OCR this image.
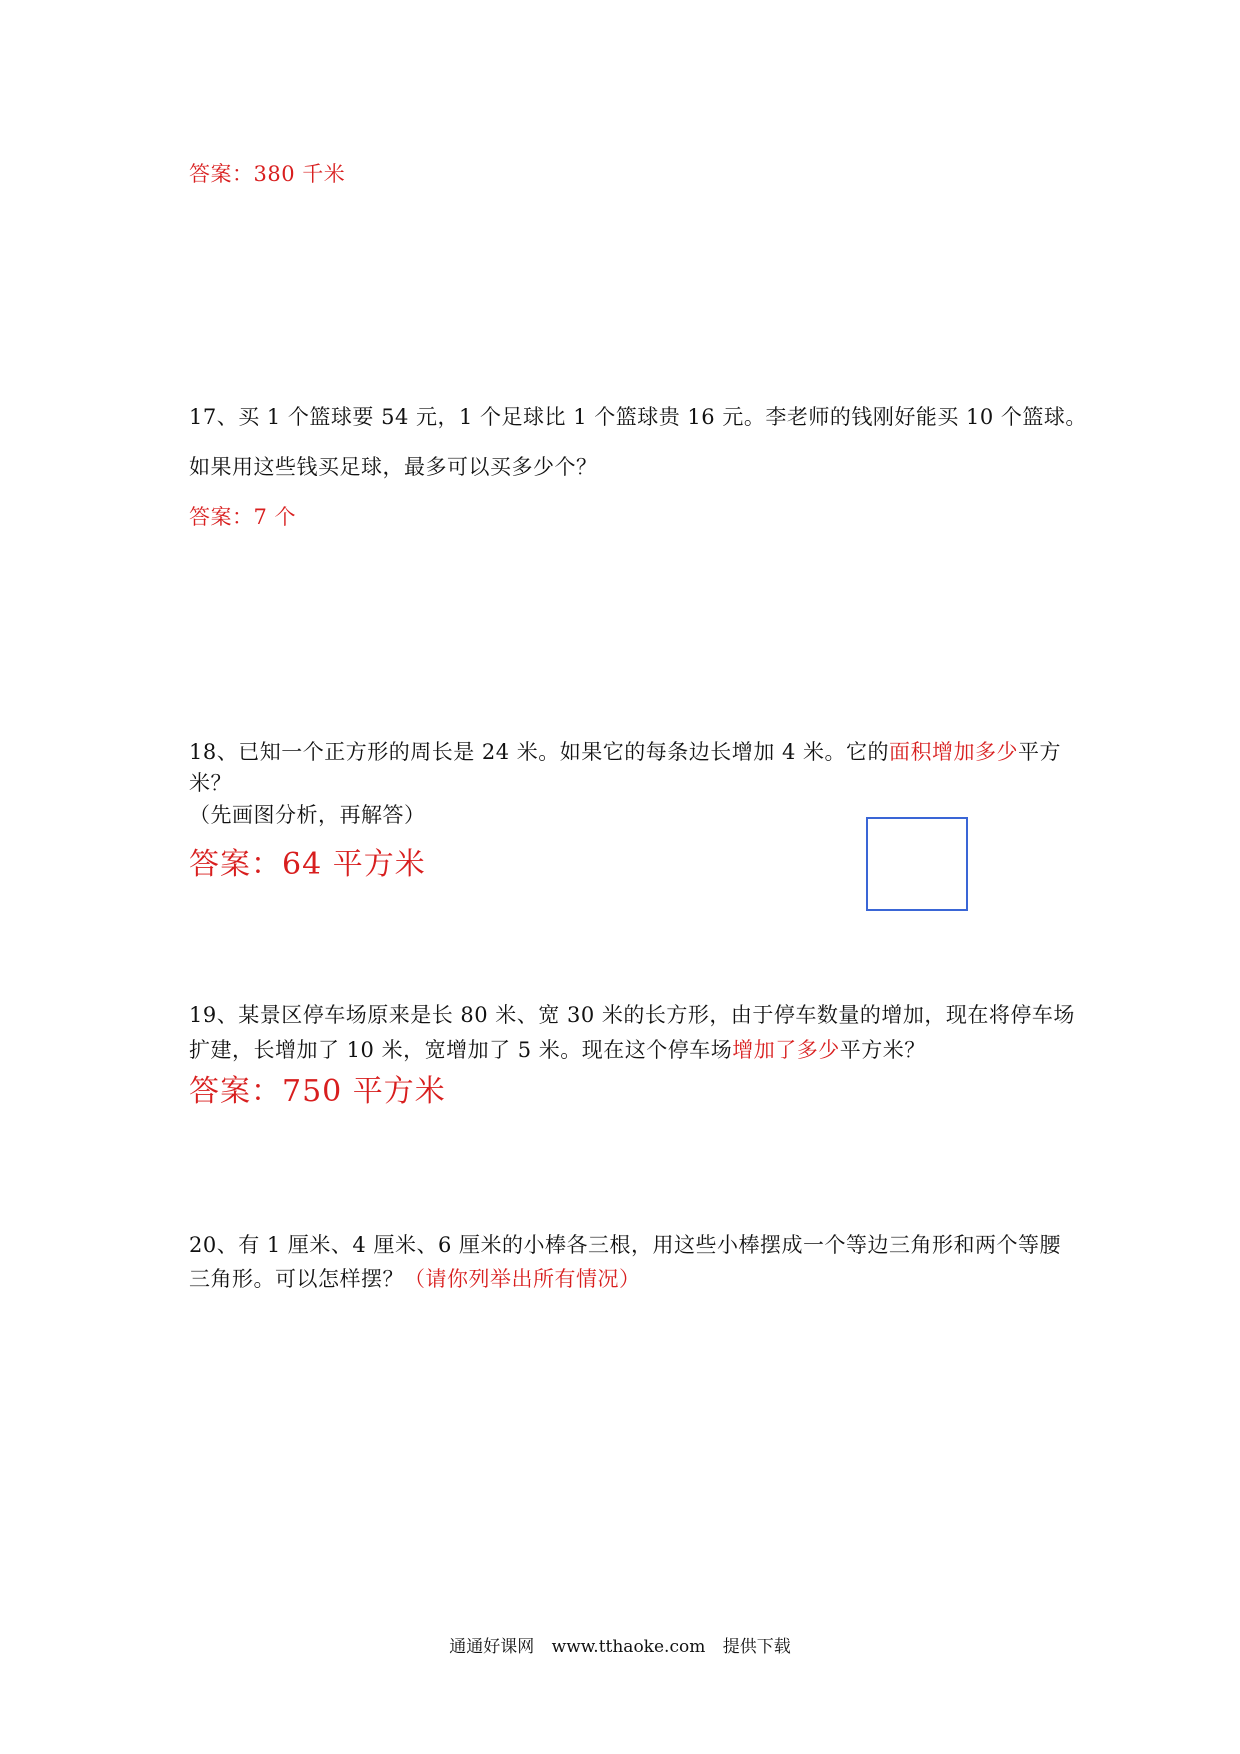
答案：380 千米
17、买 1 个篮球要 54 元，1 个足球比 1 个篮球贵 16 元。李老师的钱刚好能买 10 个篮球。
如果用这些钱买足球，最多可以买多少个？
答案：7 个
18、已知一个正方形的周长是 24 米。如果它的每条边长增加 4 米。它的面积增加多少平方
米？
（先画图分析，再解答）
答案：64 平方米
19、某景区停车场原来是长 80 米、宽 30 米的长方形，由于停车数量的增加，现在将停车场
扩建，长增加了 10 米，宽增加了 5 米。现在这个停车场增加了多少平方米？
答案：750 平方米
20、有 1 厘米、4 厘米、6 厘米的小棒各三根，用这些小棒摆成一个等边三角形和两个等腰
三角形。可以怎样摆？（请你列举出所有情况）
通通好课网 www.tthaoke.com 提供下载
